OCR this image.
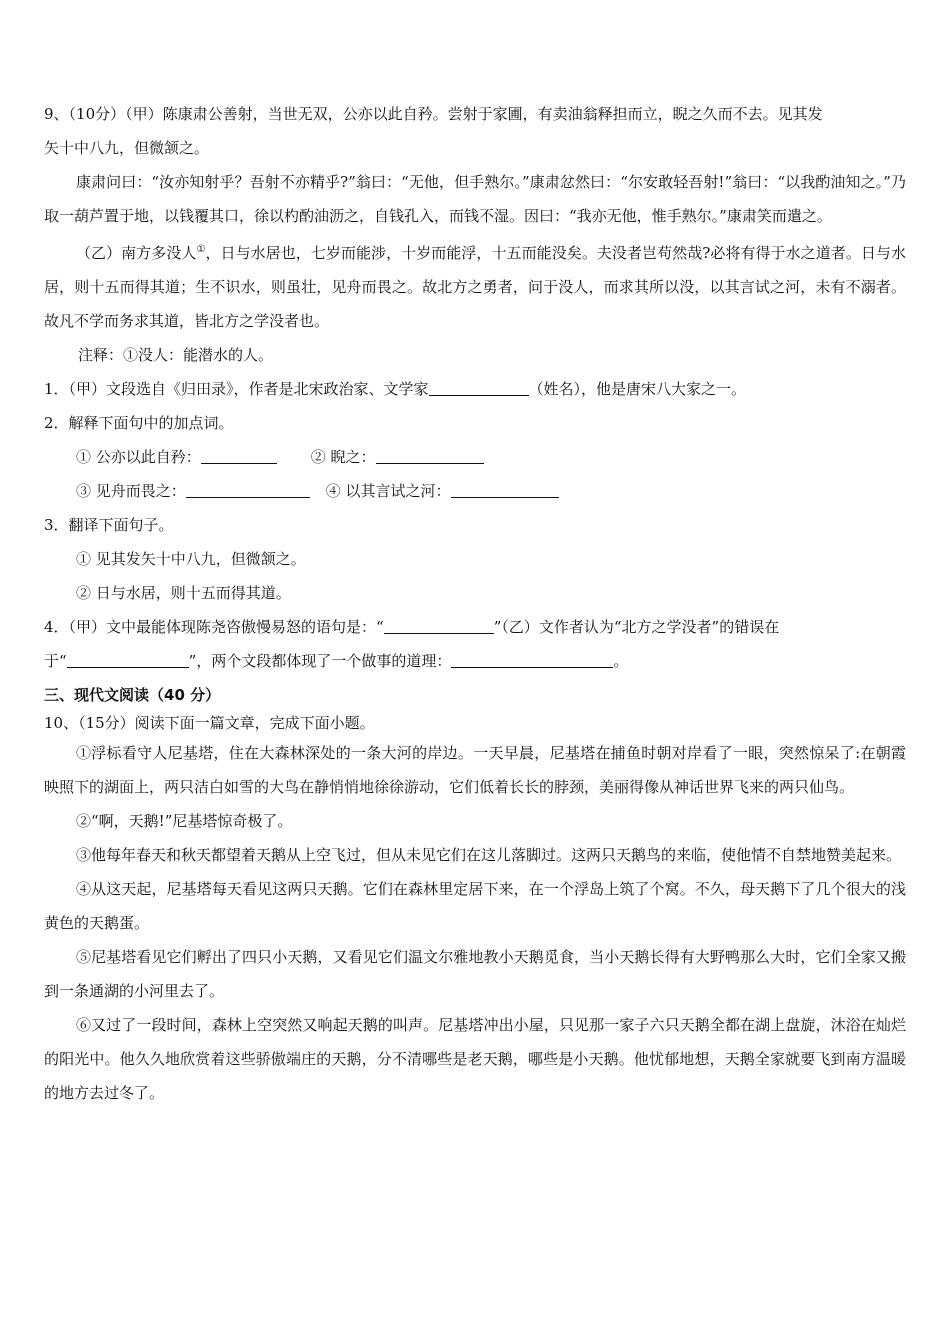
9、（10分）（甲）陈康肃公善射，当世无双，公亦以此自矜。尝射于家圃，有卖油翁释担而立，睨之久而不去。见其发
矢十中八九，但微颔之。
康肃问曰：“汝亦知射乎？吾射不亦精乎?”翁曰：“无他，但手熟尔。”康肃忿然曰：“尔安敢轻吾射!”翁曰：“以我酌油知之。”乃取一葫芦置于地，以钱覆其口，徐以杓酌油沥之，自钱孔入，而钱不湿。因曰：“我亦无他，惟手熟尔。”康肃笑而遣之。
（乙）南方多没人①，日与水居也，七岁而能涉，十岁而能浮，十五而能没矣。夫没者岂苟然哉?必将有得于水之道者。日与水居，则十五而得其道；生不识水，则虽壮，见舟而畏之。故北方之勇者，问于没人，而求其所以没，以其言试之河，未有不溺者。故凡不学而务求其道，皆北方之学没者也。
注释：①没人：能潜水的人。
1．（甲）文段选自《归田录》，作者是北宋政治家、文学家	（姓名），他是唐宋八大家之一。
2．解释下面句中的加点词。
① 公亦以此自矜：	② 睨之：
③ 见舟而畏之：	④ 以其言试之河：
3．翻译下面句子。
① 见其发矢十中八九，但微颔之。
② 日与水居，则十五而得其道。
4．（甲）文中最能体现陈尧咨傲慢易怒的语句是：“	”（乙）文作者认为“北方之学没者”的错误在
于“	”，两个文段都体现了一个做事的道理：	。
三、现代文阅读（40 分）
10、（15分）阅读下面一篇文章，完成下面小题。
①浮标看守人尼基塔，住在大森林深处的一条大河的岸边。一天早晨，尼基塔在捕鱼时朝对岸看了一眼，突然惊呆了:在朝霞映照下的湖面上，两只洁白如雪的大鸟在静悄悄地徐徐游动，它们低着长长的脖颈，美丽得像从神话世界飞来的两只仙鸟。
②“啊，天鹅!”尼基塔惊奇极了。
③他每年春天和秋天都望着天鹅从上空飞过，但从未见它们在这儿落脚过。这两只天鹅鸟的来临，使他情不自禁地赞美起来。
④从这天起，尼基塔每天看见这两只天鹅。它们在森林里定居下来，在一个浮岛上筑了个窝。不久，母天鹅下了几个很大的浅黄色的天鹅蛋。
⑤尼基塔看见它们孵出了四只小天鹅，又看见它们温文尔雅地教小天鹅觅食，当小天鹅长得有大野鸭那么大时，它们全家又搬到一条通湖的小河里去了。
⑥又过了一段时间，森林上空突然又响起天鹅的叫声。尼基塔冲出小屋，只见那一家子六只天鹅全都在湖上盘旋，沐浴在灿烂的阳光中。他久久地欣赏着这些骄傲端庄的天鹅，分不清哪些是老天鹅，哪些是小天鹅。他忧郁地想，天鹅全家就要飞到南方温暖的地方去过冬了。
